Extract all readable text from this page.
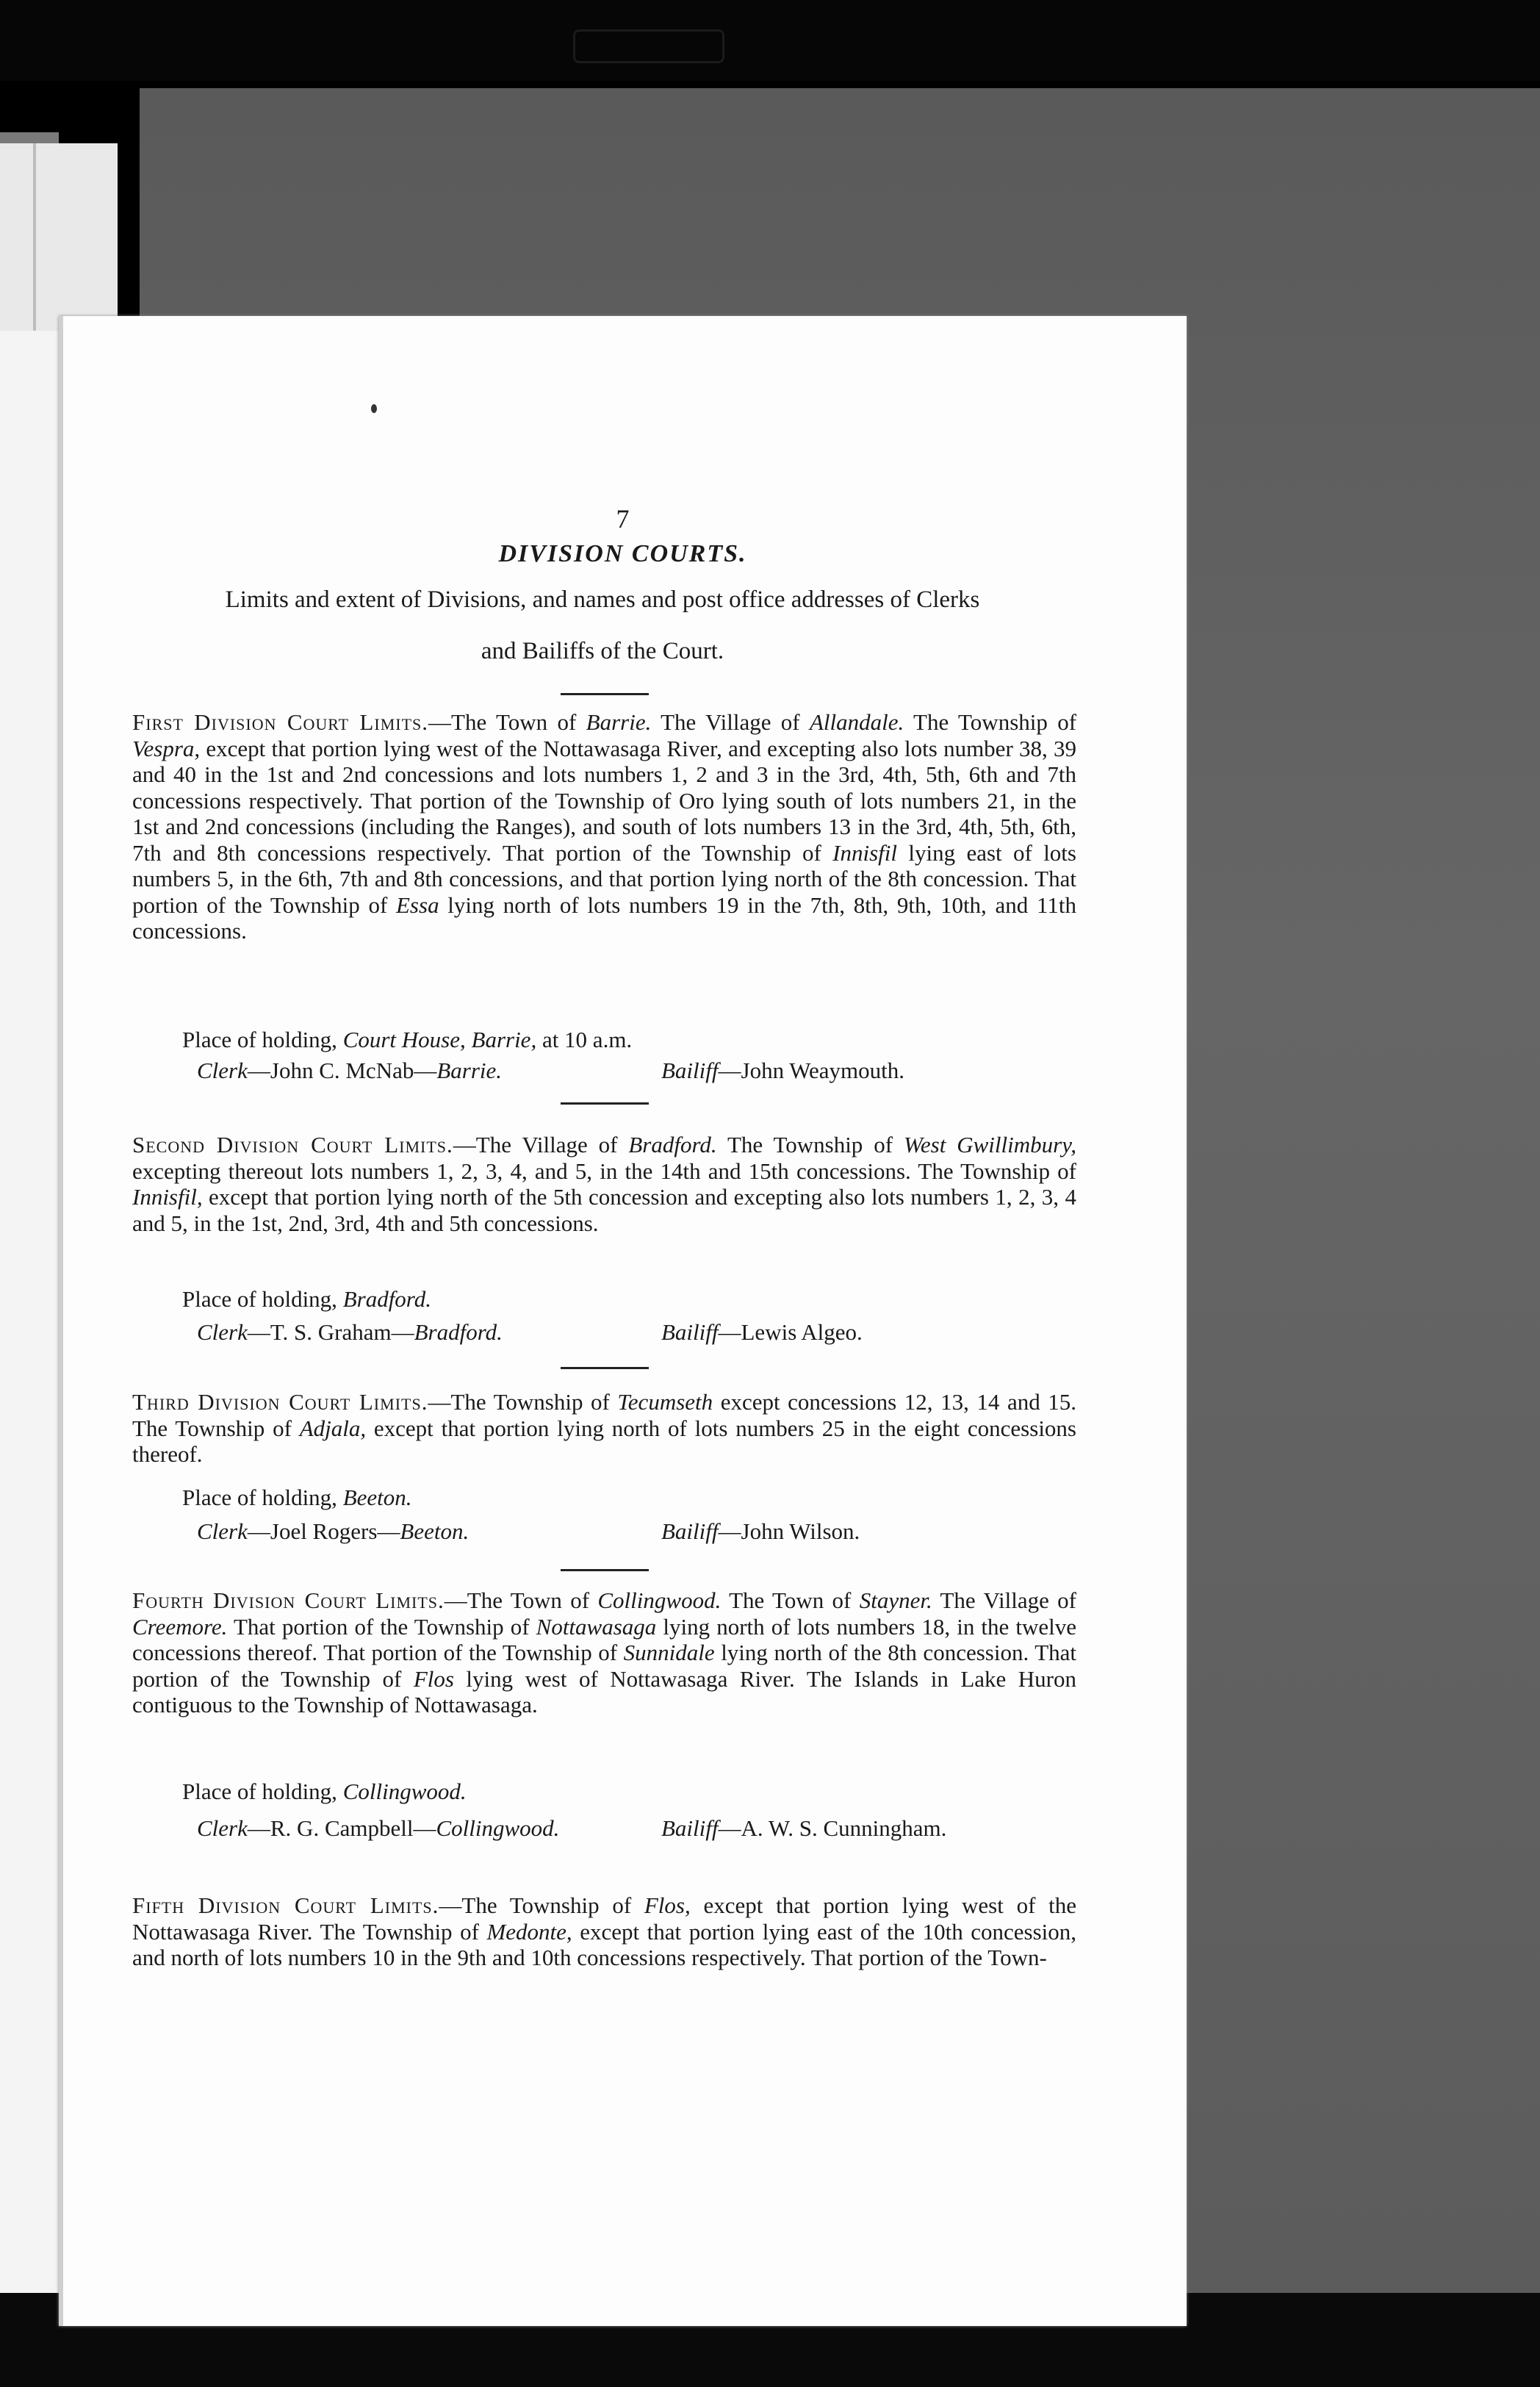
7
DIVISION COURTS.
Limits and extent of Divisions, and names and post office addresses of Clerks
and Bailiffs of the Court.

First Division Court Limits.—The Town of Barrie. The Village of Allandale. The Township of Vespra, except that portion lying west of the Nottawasaga River, and excepting also lots number 38, 39 and 40 in the 1st and 2nd concessions and lots numbers 1, 2 and 3 in the 3rd, 4th, 5th, 6th and 7th concessions respectively. That portion of the Township of Oro lying south of lots numbers 21, in the 1st and 2nd concessions (including the Ranges), and south of lots numbers 13 in the 3rd, 4th, 5th, 6th, 7th and 8th concessions respectively. That portion of the Township of Innisfil lying east of lots numbers 5, in the 6th, 7th and 8th concessions, and that portion lying north of the 8th concession. That portion of the Township of Essa lying north of lots numbers 19 in the 7th, 8th, 9th, 10th, and 11th concessions.

Place of holding, Court House, Barrie, at 10 a.m.
Clerk—John C. McNab—Barrie.	Bailiff—John Weaymouth.

Second Division Court Limits.—The Village of Bradford. The Township of West Gwillimbury, excepting thereout lots numbers 1, 2, 3, 4, and 5, in the 14th and 15th concessions. The Township of Innisfil, except that portion lying north of the 5th concession and excepting also lots numbers 1, 2, 3, 4 and 5, in the 1st, 2nd, 3rd, 4th and 5th concessions.

Place of holding, Bradford.
Clerk—T. S. Graham—Bradford.	Bailiff—Lewis Algeo.

Third Division Court Limits.—The Township of Tecumseth except concessions 12, 13, 14 and 15. The Township of Adjala, except that portion lying north of lots numbers 25 in the eight concessions thereof.

Place of holding, Beeton.
Clerk—Joel Rogers—Beeton.	Bailiff—John Wilson.

Fourth Division Court Limits.—The Town of Collingwood. The Town of Stayner. The Village of Creemore. That portion of the Township of Nottawasaga lying north of lots numbers 18, in the twelve concessions thereof. That portion of the Township of Sunnidale lying north of the 8th concession. That portion of the Township of Flos lying west of Nottawasaga River. The Islands in Lake Huron contiguous to the Township of Nottawasaga.

Place of holding, Collingwood.
Clerk—R. G. Campbell—Collingwood.	Bailiff—A. W. S. Cunningham.

Fifth Division Court Limits.—The Township of Flos, except that portion lying west of the Nottawasaga River. The Township of Medonte, except that portion lying east of the 10th concession, and north of lots numbers 10 in the 9th and 10th concessions respectively. That portion of the Town-
